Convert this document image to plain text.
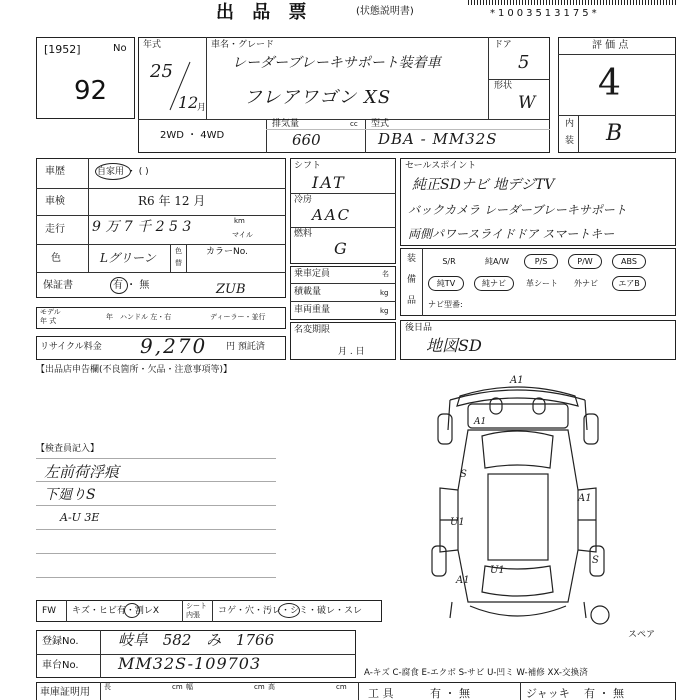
出 品 票	(状態説明書)	*1003513175*
[1952]	No
92
年式
25
12
月
車名・グレード
レーダーブレーキサポート装着車
フレアワゴン XS
ドア
5
形状
W
2WD ・ 4WD
排気量	cc
660
型式
DBA - MM32S
評 価 点
4
内
装 B
車歴	自家用 ・ ( )
車検	R6 年 12 月
走行 9 万 7 千 2 5 3	km
マイル
色	Lグリーン	色
替
カラーNo.
保証書	有 ・ 無	ZUB
モデル
年 式	年 ハンドル 左・右	ディーラー・並行
リサイクル料金 9,270 円 預託済
シフト
IAT
冷房
AAC
燃料
G
乗車定員	名
積載量	kg
車両重量	kg
名変期限
月 . 日
セールスポイント
純正SDナビ 地デジTV
バックカメラ レーダーブレーキサポート
両側パワースライドドア スマートキー
装
備
品
S/R	純A/W	P/S	P/W	ABS
純TV	純ナビ	革シート	外ナビ	エアB
ナビ型番:
後日品
地図SD
【出品店申告欄(不良箇所・欠品・注意事項等)】
【検査員記入】
左前荷浮痕
下廻りS
A-U 3E
A1
A1
U1
U1
S
A1
S
A1
スペア
FW キズ・ヒビ有・割レX	シート
内張 コゲ・穴・汚レ・シミ・破レ・スレ
登録No.	岐阜 582 み 1766
車台No. MM32S-109703	A-キズ C-腐食 E-エクボ S-サビ U-凹ミ W-補修 XX-交換済
車庫証明用 長	cm 幅	cm 高	cm 工 具	有 ・ 無	ジャッキ 有 ・ 無
